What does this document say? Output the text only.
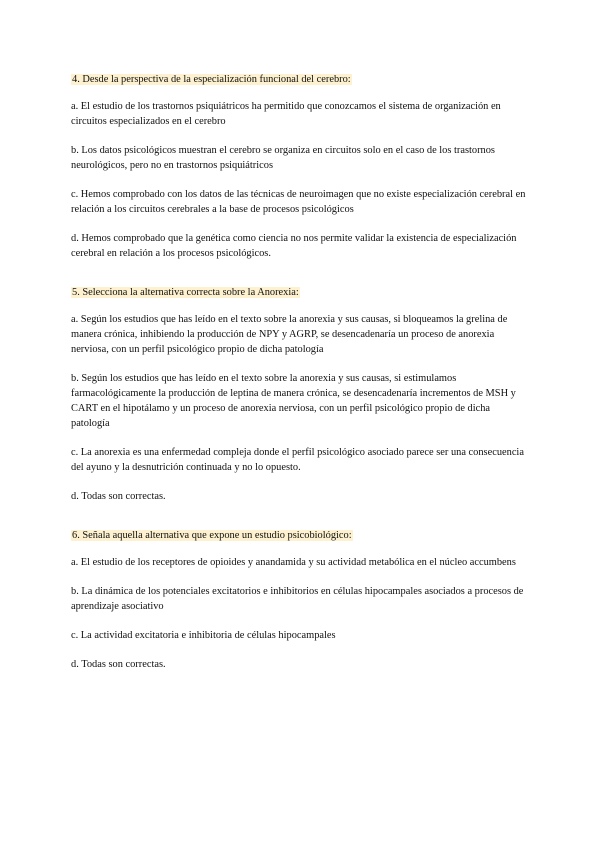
4. Desde la perspectiva de la especialización funcional del cerebro:

a. El estudio de los trastornos psiquiátricos ha permitido que conozcamos el sistema de organización en circuitos especializados en el cerebro

b. Los datos psicológicos muestran el cerebro se organiza en circuitos solo en el caso de los trastornos neurológicos, pero no en trastornos psiquiátricos

c. Hemos comprobado con los datos de las técnicas de neuroimagen que no existe especialización cerebral en relación a los circuitos cerebrales a la base de procesos psicológicos

d. Hemos comprobado que la genética como ciencia no nos permite validar la existencia de especialización cerebral en relación a los procesos psicológicos.

5. Selecciona la alternativa correcta sobre la Anorexia:

a. Según los estudios que has leído en el texto sobre la anorexia y sus causas, si bloqueamos la grelina de manera crónica, inhibiendo la producción de NPY y AGRP, se desencadenaría un proceso de anorexia nerviosa, con un perfil psicológico propio de dicha patología

b. Según los estudios que has leído en el texto sobre la anorexia y sus causas, si estimulamos farmacológicamente la producción de leptina de manera crónica, se desencadenaría incrementos de MSH y CART en el hipotálamo y un proceso de anorexia nerviosa, con un perfil psicológico propio de dicha patología

c. La anorexia es una enfermedad compleja donde el perfil psicológico asociado parece ser una consecuencia del ayuno y la desnutrición continuada y no lo opuesto.

d. Todas son correctas.

6. Señala aquella alternativa que expone un estudio psicobiológico:

a. El estudio de los receptores de opioides y anandamida y su actividad metabólica en el núcleo accumbens

b. La dinámica de los potenciales excitatorios e inhibitorios en células hipocampales asociados a procesos de aprendizaje asociativo

c. La actividad excitatoria e inhibitoria de células hipocampales

d. Todas son correctas.
